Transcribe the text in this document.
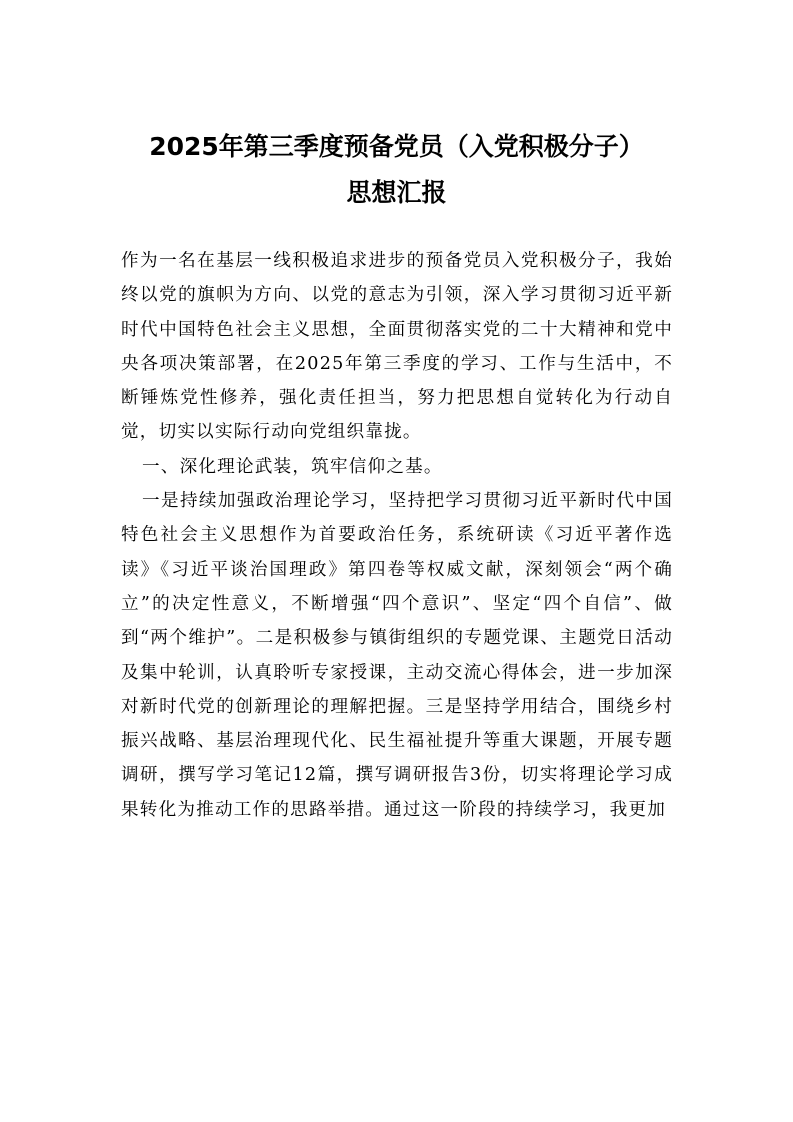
2025年第三季度预备党员（入党积极分子）
思想汇报

作为一名在基层一线积极追求进步的预备党员入党积极分子，我始终以党的旗帜为方向、以党的意志为引领，深入学习贯彻习近平新时代中国特色社会主义思想，全面贯彻落实党的二十大精神和党中央各项决策部署，在2025年第三季度的学习、工作与生活中，不断锤炼党性修养，强化责任担当，努力把思想自觉转化为行动自觉，切实以实际行动向党组织靠拢。

一、深化理论武装，筑牢信仰之基。

一是持续加强政治理论学习，坚持把学习贯彻习近平新时代中国特色社会主义思想作为首要政治任务，系统研读《习近平著作选读》《习近平谈治国理政》第四卷等权威文献，深刻领会“两个确立”的决定性意义，不断增强“四个意识”、坚定“四个自信”、做到“两个维护”。二是积极参与镇街组织的专题党课、主题党日活动及集中轮训，认真聆听专家授课，主动交流心得体会，进一步加深对新时代党的创新理论的理解把握。三是坚持学用结合，围绕乡村振兴战略、基层治理现代化、民生福祉提升等重大课题，开展专题调研，撰写学习笔记12篇，撰写调研报告3份，切实将理论学习成果转化为推动工作的思路举措。通过这一阶段的持续学习，我更加
